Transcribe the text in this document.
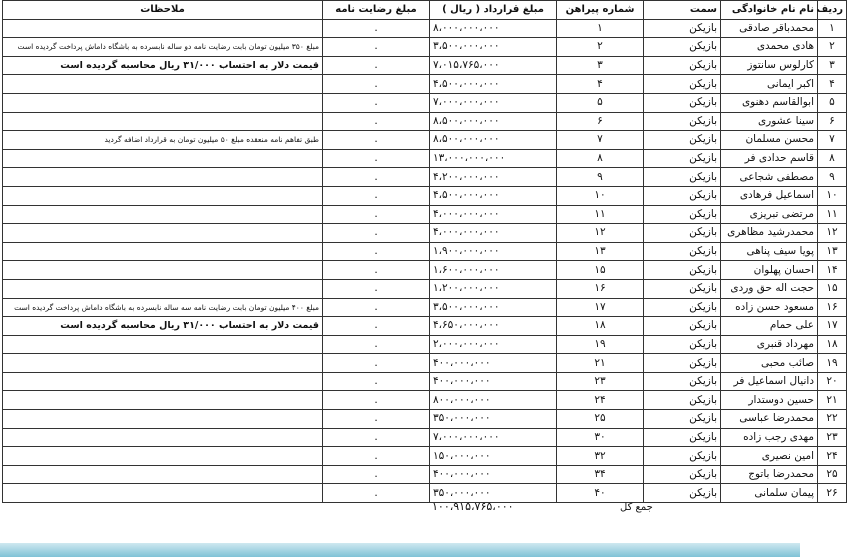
ردیف	نام نام خانوادگی	سمت	شماره پیراهن	مبلغ قرارداد ( ریال )	مبلغ رضایت نامه	ملاحظات
۱	محمدباقر صادقی	بازیکن	۱	۸،۰۰۰،۰۰۰،۰۰۰	.	
۲	هادی محمدی	بازیکن	۲	۳،۵۰۰،۰۰۰،۰۰۰	.	مبلغ ۳۵۰ میلیون تومان بابت رضایت نامه دو ساله نابسرده به باشگاه داماش پرداخت گردیده است
۳	کارلوس سانتوز	بازیکن	۳	۷،۰۱۵،۷۶۵،۰۰۰	.	قیمت دلار به احتساب ۳۱/۰۰۰ ریال محاسبه گردیده است
۴	اکبر ایمانی	بازیکن	۴	۴،۵۰۰،۰۰۰،۰۰۰	.	
۵	ابوالقاسم دهنوی	بازیکن	۵	۷،۰۰۰،۰۰۰،۰۰۰	.	
۶	سینا عشوری	بازیکن	۶	۸،۵۰۰،۰۰۰،۰۰۰	.	
۷	محسن مسلمان	بازیکن	۷	۸،۵۰۰،۰۰۰،۰۰۰	.	طبق تفاهم نامه منعقده مبلغ ۵۰ میلیون تومان به قرارداد اضافه گردید
۸	قاسم حدادی فر	بازیکن	۸	۱۳،۰۰۰،۰۰۰،۰۰۰	.	
۹	مصطفی شجاعی	بازیکن	۹	۴،۲۰۰،۰۰۰،۰۰۰	.	
۱۰	اسماعیل فرهادی	بازیکن	۱۰	۴،۵۰۰،۰۰۰،۰۰۰	.	
۱۱	مرتضی تبریزی	بازیکن	۱۱	۴،۰۰۰،۰۰۰،۰۰۰	.	
۱۲	محمدرشید مظاهری	بازیکن	۱۲	۴،۰۰۰،۰۰۰،۰۰۰	.	
۱۳	پویا سیف پناهی	بازیکن	۱۳	۱،۹۰۰،۰۰۰،۰۰۰	.	
۱۴	احسان پهلوان	بازیکن	۱۵	۱،۶۰۰،۰۰۰،۰۰۰	.	
۱۵	حجت اله حق وردی	بازیکن	۱۶	۱،۲۰۰،۰۰۰،۰۰۰	.	
۱۶	مسعود حسن زاده	بازیکن	۱۷	۳،۵۰۰،۰۰۰،۰۰۰	.	مبلغ ۴۰۰ میلیون تومان بابت رضایت نامه سه ساله نابسرده به باشگاه داماش پرداخت گردیده است
۱۷	علی حمام	بازیکن	۱۸	۴،۶۵۰،۰۰۰،۰۰۰	.	قیمت دلار به احتساب ۳۱/۰۰۰ ریال محاسبه گردیده است
۱۸	مهرداد قنبری	بازیکن	۱۹	۲،۰۰۰،۰۰۰،۰۰۰	.	
۱۹	صائب محبی	بازیکن	۲۱	۴۰۰،۰۰۰،۰۰۰	.	
۲۰	دانیال اسماعیل فر	بازیکن	۲۳	۴۰۰،۰۰۰،۰۰۰	.	
۲۱	حسین دوستدار	بازیکن	۲۴	۸۰۰،۰۰۰،۰۰۰	.	
۲۲	محمدرضا عباسی	بازیکن	۲۵	۳۵۰،۰۰۰،۰۰۰	.	
۲۳	مهدی رجب زاده	بازیکن	۳۰	۷،۰۰۰،۰۰۰،۰۰۰	.	
۲۴	امین نصیری	بازیکن	۳۲	۱۵۰،۰۰۰،۰۰۰	.	
۲۵	محمدرضا باتوج	بازیکن	۳۴	۴۰۰،۰۰۰،۰۰۰	.	
۲۶	پیمان سلمانی	بازیکن	۴۰	۳۵۰،۰۰۰،۰۰۰	.	
جمع کل
۱۰۰،۹۱۵،۷۶۵،۰۰۰
